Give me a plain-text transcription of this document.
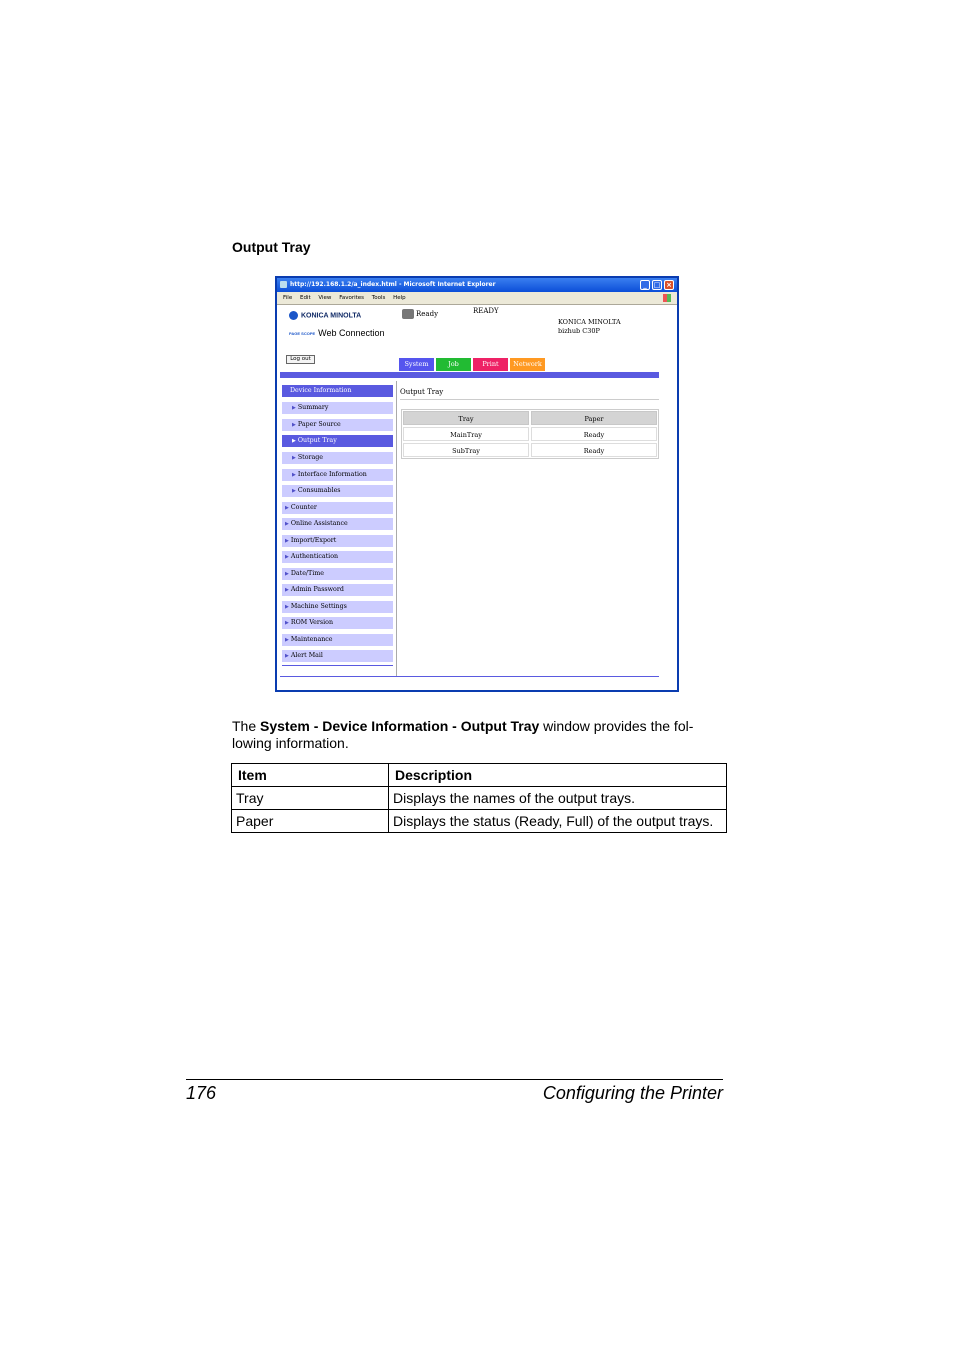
Output Tray
http://192.168.1.2/a_index.html - Microsoft Internet Explorer	_ □ ×
File Edit View Favorites Tools Help
KONICA MINOLTA
PAGE SCOPE Web Connection
Ready	READY
KONICA MINOLTA
bizhub C30P
Log out
System	Job	Print	Network
Device Information
▶ Summary
▶ Paper Source
▶ Output Tray
▶ Storage
▶ Interface Information
▶ Consumables
▶ Counter
▶ Online Assistance
▶ Import/Export
▶ Authentication
▶ Date/Time
▶ Admin Password
▶ Machine Settings
▶ ROM Version
▶ Maintenance
▶ Alert Mail
Output Tray
Tray	Paper
MainTray	Ready
SubTray	Ready
The System - Device Information - Output Tray window provides the fol-
lowing information.
Item	Description
Tray	Displays the names of the output trays.
Paper	Displays the status (Ready, Full) of the output trays.
176	Configuring the Printer
